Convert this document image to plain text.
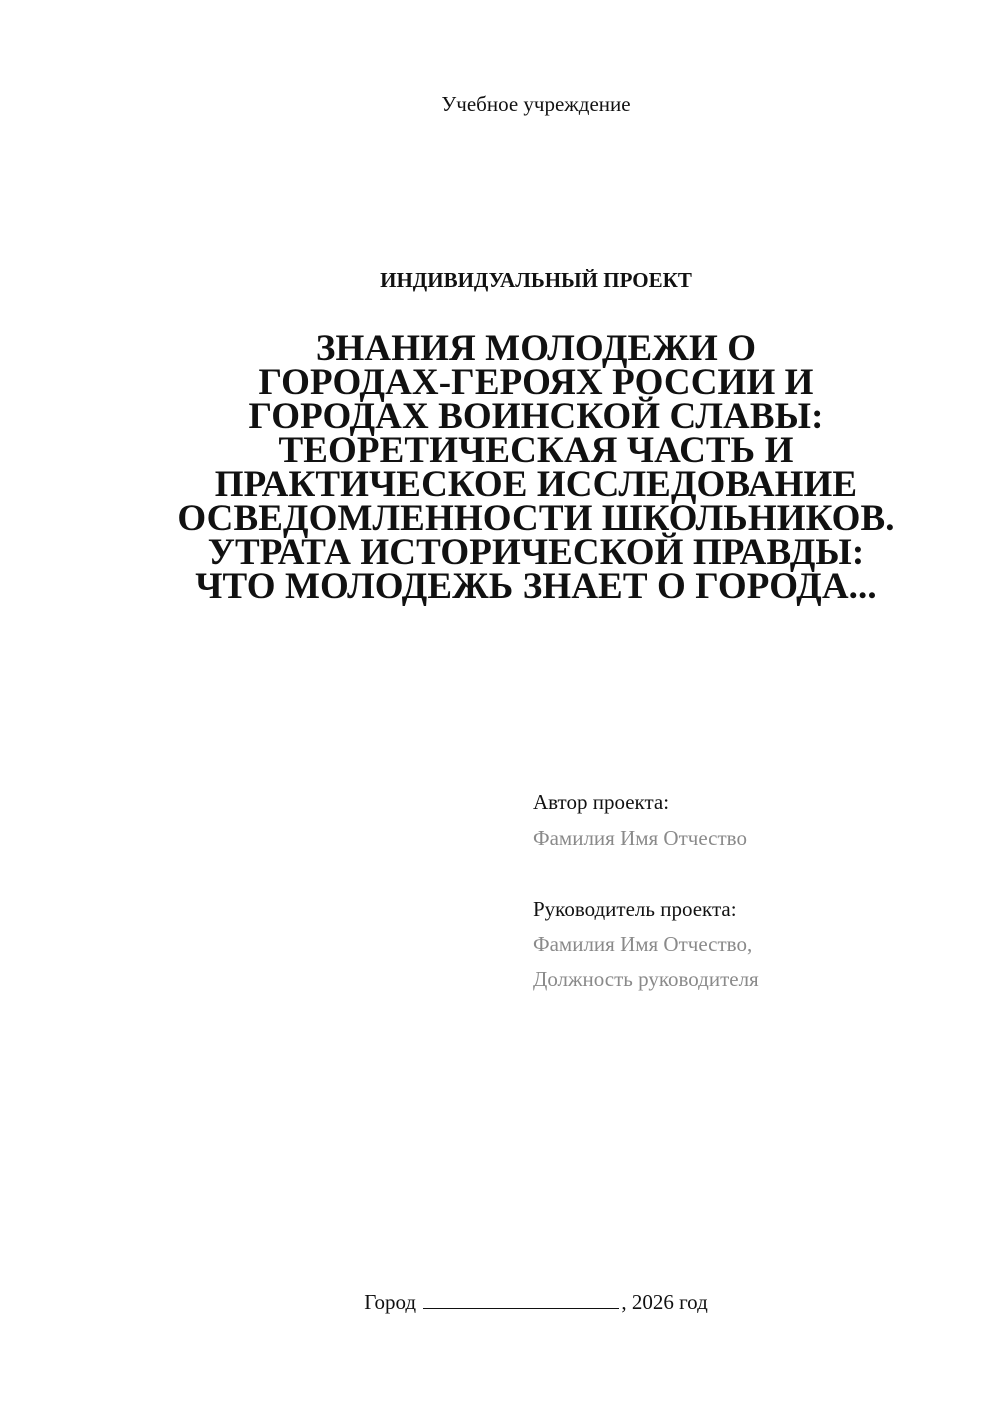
Учебное учреждение
ИНДИВИДУАЛЬНЫЙ ПРОЕКТ
ЗНАНИЯ МОЛОДЕЖИ О
ГОРОДАХ-ГЕРОЯХ РОССИИ И
ГОРОДАХ ВОИНСКОЙ СЛАВЫ:
ТЕОРЕТИЧЕСКАЯ ЧАСТЬ И
ПРАКТИЧЕСКОЕ ИССЛЕДОВАНИЕ
ОСВЕДОМЛЕННОСТИ ШКОЛЬНИКОВ.
УТРАТА ИСТОРИЧЕСКОЙ ПРАВДЫ:
ЧТО МОЛОДЕЖЬ ЗНАЕТ О ГОРОДА...
Автор проекта:
Фамилия Имя Отчество
Руководитель проекта:
Фамилия Имя Отчество,
Должность руководителя
Город	, 2026 год
